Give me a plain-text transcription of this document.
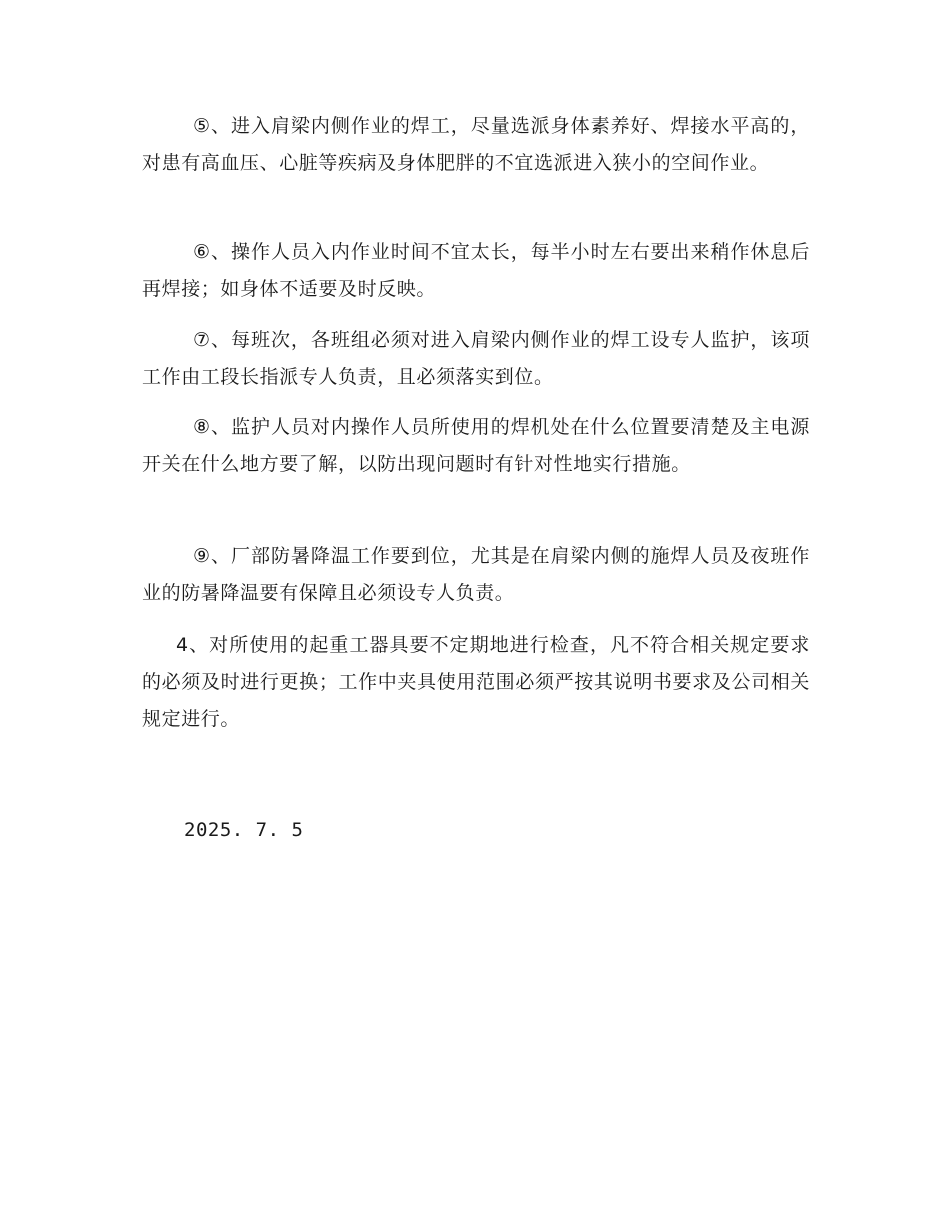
⑤、进入肩梁内侧作业的焊工，尽量选派身体素养好、焊接水平高的，对患有高血压、心脏等疾病及身体肥胖的不宜选派进入狭小的空间作业。

⑥、操作人员入内作业时间不宜太长，每半小时左右要出来稍作休息后再焊接；如身体不适要及时反映。

⑦、每班次，各班组必须对进入肩梁内侧作业的焊工设专人监护，该项工作由工段长指派专人负责，且必须落实到位。

⑧、监护人员对内操作人员所使用的焊机处在什么位置要清楚及主电源开关在什么地方要了解，以防出现问题时有针对性地实行措施。

⑨、厂部防暑降温工作要到位，尤其是在肩梁内侧的施焊人员及夜班作业的防暑降温要有保障且必须设专人负责。

4、对所使用的起重工器具要不定期地进行检查，凡不符合相关规定要求的必须及时进行更换；工作中夹具使用范围必须严按其说明书要求及公司相关规定进行。

2025. 7. 5
